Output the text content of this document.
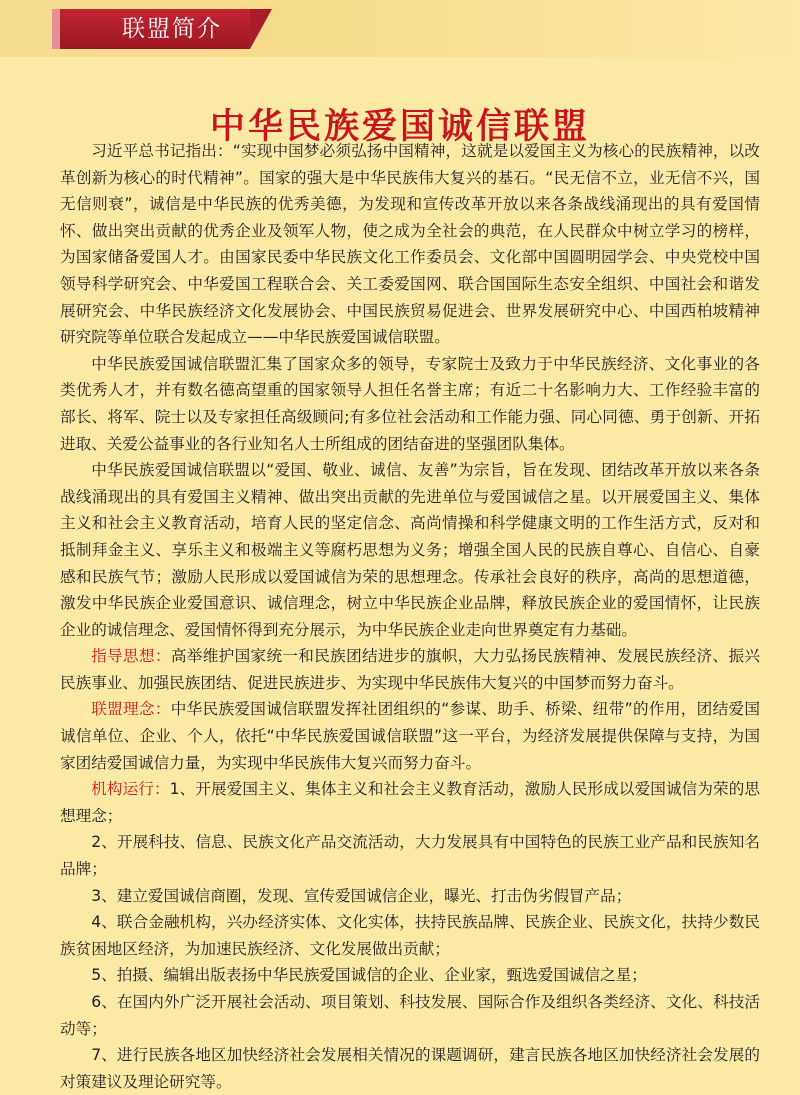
联盟简介
中华民族爱国诚信联盟

习近平总书记指出：“实现中国梦必须弘扬中国精神，这就是以爱国主义为核心的民族精神，以改革创新为核心的时代精神”。国家的强大是中华民族伟大复兴的基石。“民无信不立，业无信不兴，国无信则衰”，诚信是中华民族的优秀美德，为发现和宣传改革开放以来各条战线涌现出的具有爱国情怀、做出突出贡献的优秀企业及领军人物，使之成为全社会的典范，在人民群众中树立学习的榜样，为国家储备爱国人才。由国家民委中华民族文化工作委员会、文化部中国圆明园学会、中央党校中国领导科学研究会、中华爱国工程联合会、关工委爱国网、联合国国际生态安全组织、中国社会和谐发展研究会、中华民族经济文化发展协会、中国民族贸易促进会、世界发展研究中心、中国西柏坡精神研究院等单位联合发起成立——中华民族爱国诚信联盟。

中华民族爱国诚信联盟汇集了国家众多的领导，专家院士及致力于中华民族经济、文化事业的各类优秀人才，并有数名德高望重的国家领导人担任名誉主席；有近二十名影响力大、工作经验丰富的部长、将军、院士以及专家担任高级顾问;有多位社会活动和工作能力强、同心同德、勇于创新、开拓进取、关爱公益事业的各行业知名人士所组成的团结奋进的坚强团队集体。

中华民族爱国诚信联盟以“爱国、敬业、诚信、友善”为宗旨，旨在发现、团结改革开放以来各条战线涌现出的具有爱国主义精神、做出突出贡献的先进单位与爱国诚信之星。以开展爱国主义、集体主义和社会主义教育活动，培育人民的坚定信念、高尚情操和科学健康文明的工作生活方式，反对和抵制拜金主义、享乐主义和极端主义等腐朽思想为义务；增强全国人民的民族自尊心、自信心、自豪感和民族气节；激励人民形成以爱国诚信为荣的思想理念。传承社会良好的秩序，高尚的思想道德，激发中华民族企业爱国意识、诚信理念，树立中华民族企业品牌，释放民族企业的爱国情怀，让民族企业的诚信理念、爱国情怀得到充分展示，为中华民族企业走向世界奠定有力基础。

指导思想：高举维护国家统一和民族团结进步的旗帜，大力弘扬民族精神、发展民族经济、振兴民族事业、加强民族团结、促进民族进步、为实现中华民族伟大复兴的中国梦而努力奋斗。

联盟理念：中华民族爱国诚信联盟发挥社团组织的“参谋、助手、桥梁、纽带”的作用，团结爱国诚信单位、企业、个人，依托“中华民族爱国诚信联盟”这一平台，为经济发展提供保障与支持，为国家团结爱国诚信力量，为实现中华民族伟大复兴而努力奋斗。

机构运行：1、开展爱国主义、集体主义和社会主义教育活动，激励人民形成以爱国诚信为荣的思想理念；

2、开展科技、信息、民族文化产品交流活动，大力发展具有中国特色的民族工业产品和民族知名品牌；

3、建立爱国诚信商圈，发现、宣传爱国诚信企业，曝光、打击伪劣假冒产品；

4、联合金融机构，兴办经济实体、文化实体，扶持民族品牌、民族企业、民族文化，扶持少数民族贫困地区经济，为加速民族经济、文化发展做出贡献；

5、拍摄、编辑出版表扬中华民族爱国诚信的企业、企业家，甄选爱国诚信之星；

6、在国内外广泛开展社会活动、项目策划、科技发展、国际合作及组织各类经济、文化、科技活动等；

7、进行民族各地区加快经济社会发展相关情况的课题调研，建言民族各地区加快经济社会发展的对策建议及理论研究等。
